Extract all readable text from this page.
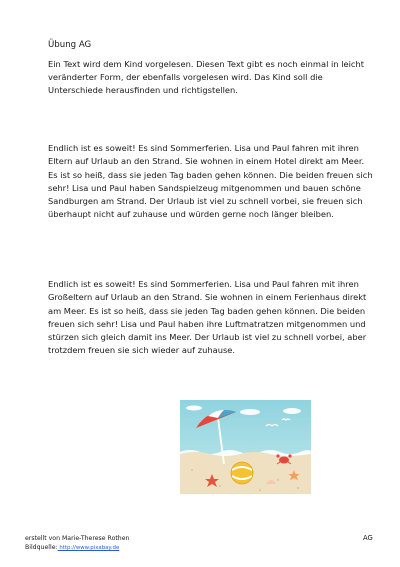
Übung AG
Ein Text wird dem Kind vorgelesen. Diesen Text gibt es noch einmal in leicht veränderter Form, der ebenfalls vorgelesen wird. Das Kind soll die Unterschiede herausfinden und richtigstellen.
Endlich ist es soweit! Es sind Sommerferien. Lisa und Paul fahren mit ihren Eltern auf Urlaub an den Strand. Sie wohnen in einem Hotel direkt am Meer. Es ist so heiß, dass sie jeden Tag baden gehen können. Die beiden freuen sich sehr! Lisa und Paul haben Sandspielzeug mitgenommen und bauen schöne Sandburgen am Strand. Der Urlaub ist viel zu schnell vorbei, sie freuen sich überhaupt nicht auf zuhause und würden gerne noch länger bleiben.
Endlich ist es soweit! Es sind Sommerferien. Lisa und Paul fahren mit ihren Großeltern auf Urlaub an den Strand. Sie wohnen in einem Ferienhaus direkt am Meer. Es ist so heiß, dass sie jeden Tag baden gehen können. Die beiden freuen sich sehr! Lisa und Paul haben ihre Luftmatratzen mitgenommen und stürzen sich gleich damit ins Meer. Der Urlaub ist viel zu schnell vorbei, aber trotzdem freuen sie sich wieder auf zuhause.
erstellt von Marie-Therese Rothen
Bildquelle: http://www.pixabay.de
AG
